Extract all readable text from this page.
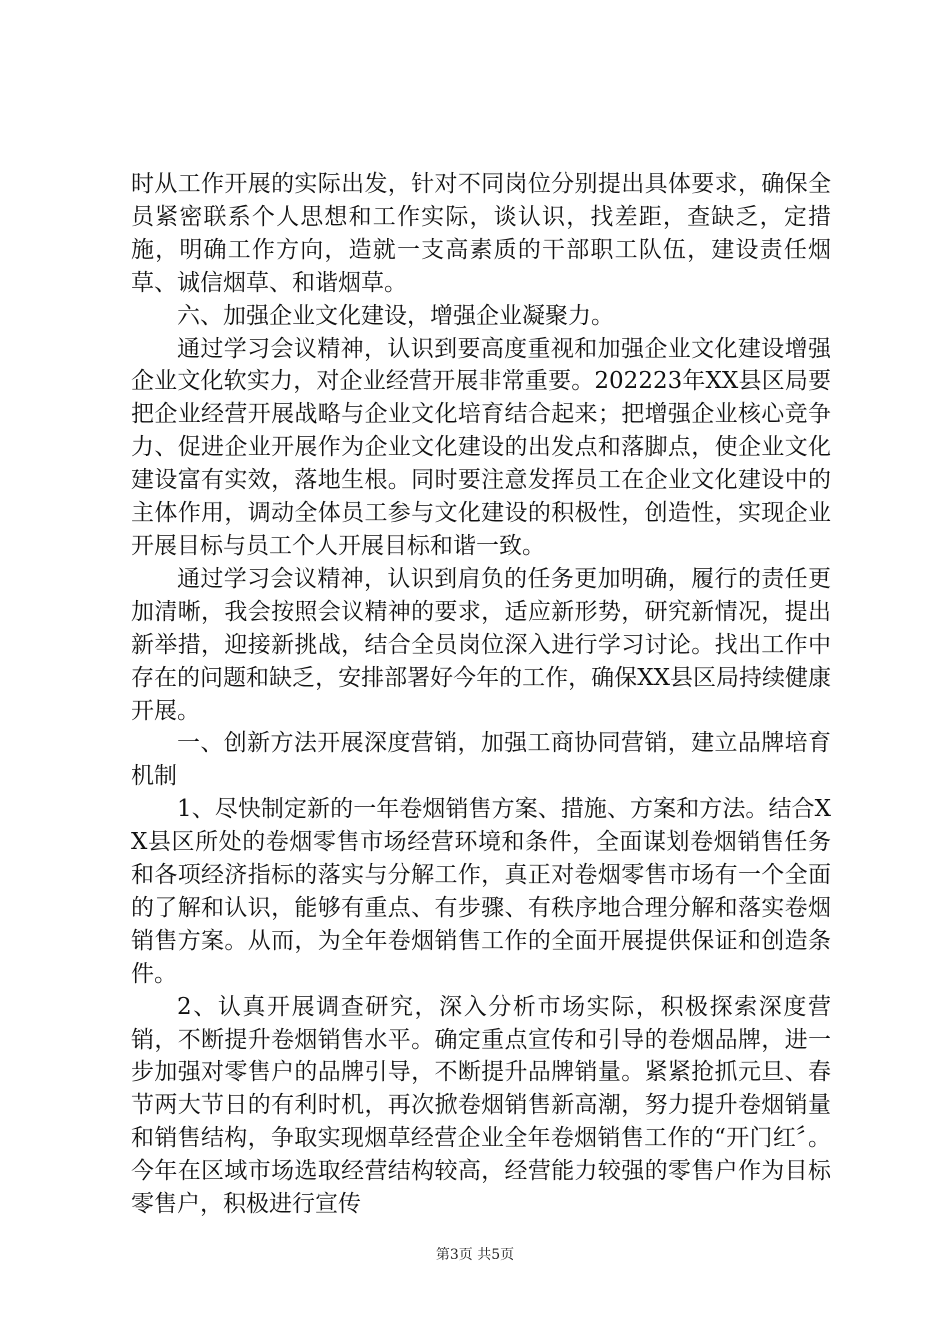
时从工作开展的实际出发，针对不同岗位分别提出具体要求，确保全员紧密联系个人思想和工作实际，谈认识，找差距，查缺乏，定措施，明确工作方向，造就一支高素质的干部职工队伍，建设责任烟草、诚信烟草、和谐烟草。

六、加强企业文化建设，增强企业凝聚力。

通过学习会议精神，认识到要高度重视和加强企业文化建设增强企业文化软实力，对企业经营开展非常重要。202223年XX县区局要把企业经营开展战略与企业文化培育结合起来；把增强企业核心竞争力、促进企业开展作为企业文化建设的出发点和落脚点，使企业文化建设富有实效，落地生根。同时要注意发挥员工在企业文化建设中的主体作用，调动全体员工参与文化建设的积极性，创造性，实现企业开展目标与员工个人开展目标和谐一致。

通过学习会议精神，认识到肩负的任务更加明确，履行的责任更加清晰，我会按照会议精神的要求，适应新形势，研究新情况，提出新举措，迎接新挑战，结合全员岗位深入进行学习讨论。找出工作中存在的问题和缺乏，安排部署好今年的工作，确保XX县区局持续健康开展。

一、创新方法开展深度营销，加强工商协同营销，建立品牌培育机制

1、尽快制定新的一年卷烟销售方案、措施、方案和方法。结合XX县区所处的卷烟零售市场经营环境和条件，全面谋划卷烟销售任务和各项经济指标的落实与分解工作，真正对卷烟零售市场有一个全面的了解和认识，能够有重点、有步骤、有秩序地合理分解和落实卷烟销售方案。从而，为全年卷烟销售工作的全面开展提供保证和创造条件。

2、认真开展调查研究，深入分析市场实际，积极探索深度营销，不断提升卷烟销售水平。确定重点宣传和引导的卷烟品牌，进一步加强对零售户的品牌引导，不断提升品牌销量。紧紧抢抓元旦、春节两大节日的有利时机，再次掀卷烟销售新高潮，努力提升卷烟销量和销售结构，争取实现烟草经营企业全年卷烟销售工作的“开门红〞。今年在区域市场选取经营结构较高，经营能力较强的零售户作为目标零售户，积极进行宣传

第3页 共5页
